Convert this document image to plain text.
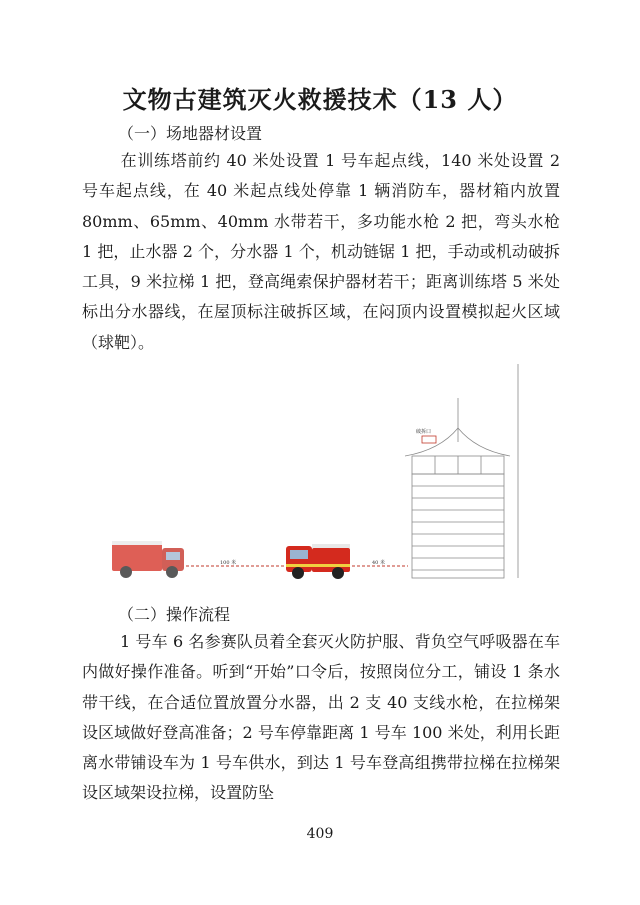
文物古建筑灭火救援技术（13 人）

（一）场地器材设置

在训练塔前约 40 米处设置 1 号车起点线，140 米处设置 2 号车起点线，在 40 米起点线处停靠 1 辆消防车，器材箱内放置 80mm、65mm、40mm 水带若干，多功能水枪 2 把，弯头水枪 1 把，止水器 2 个，分水器 1 个，机动链锯 1 把，手动或机动破拆工具，9 米拉梯 1 把，登高绳索保护器材若干；距离训练塔 5 米处标出分水器线，在屋顶标注破拆区域，在闷顶内设置模拟起火区域（球靶）。

100 米	40 米
破拆口

（二）操作流程

1 号车 6 名参赛队员着全套灭火防护服、背负空气呼吸器在车内做好操作准备。听到“开始”口令后，按照岗位分工，铺设 1 条水带干线，在合适位置放置分水器，出 2 支 40 支线水枪，在拉梯架设区域做好登高准备；2 号车停靠距离 1 号车 100 米处，利用长距离水带铺设车为 1 号车供水，到达 1 号车登高组携带拉梯在拉梯架设区域架设拉梯，设置防坠

409
